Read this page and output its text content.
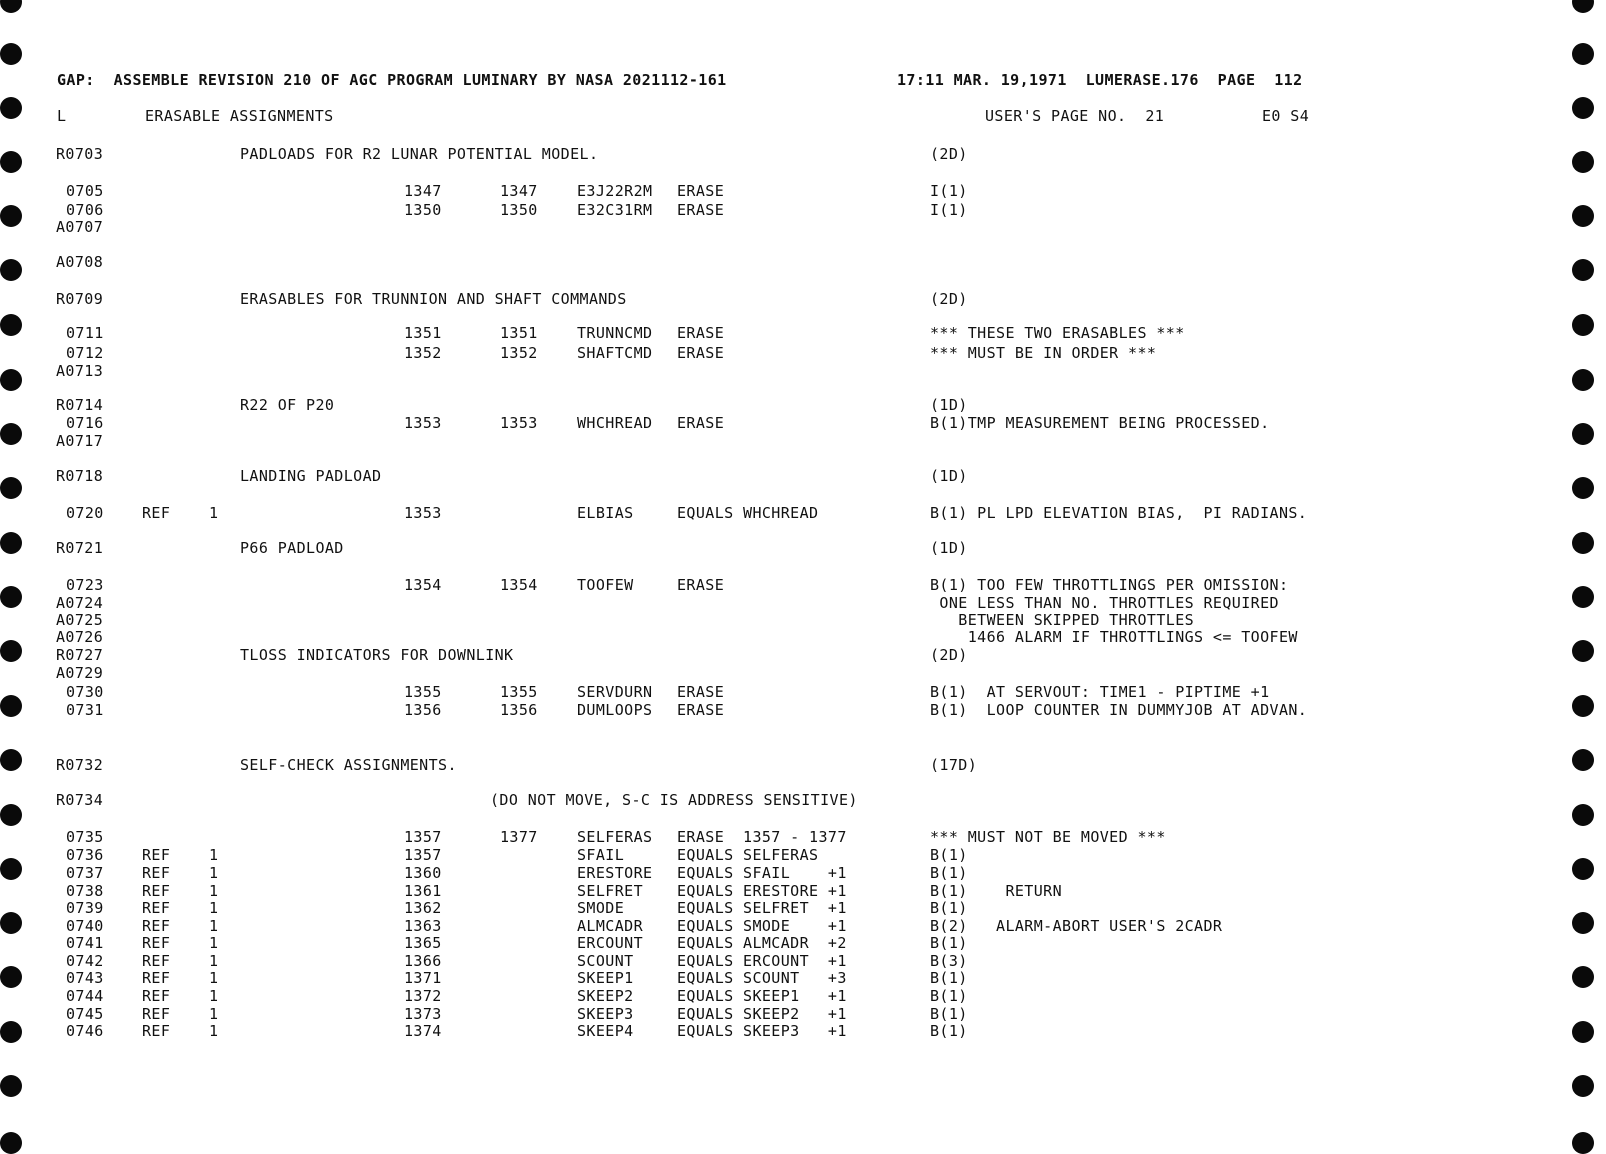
GAP:  ASSEMBLE REVISION 210 OF AGC PROGRAM LUMINARY BY NASA 2021112-161

	17:11 MAR. 19,1971  LUMERASE.176  PAGE  112

L

	ERASABLE ASSIGNMENTS

	USER'S PAGE NO.  21

	E0 S4

R0703	PADLOADS FOR R2 LUNAR POTENTIAL MODEL.	(2D)
0705	1347	1347	E3J22R2M ERASE	I(1)
0706	1350	1350	E32C31RM ERASE	I(1)
A0707
A0708
R0709	ERASABLES FOR TRUNNION AND SHAFT COMMANDS	(2D)
0711	1351	1351	TRUNNCMD ERASE	*** THESE TWO ERASABLES ***
0712	1352	1352	SHAFTCMD ERASE	*** MUST BE IN ORDER ***
A0713
R0714	R22 OF P20	(1D)
0716	1353	1353	WHCHREAD ERASE	B(1)TMP MEASUREMENT BEING PROCESSED.
A0717
R0718	LANDING PADLOAD	(1D)
0720	REF	1	1353	ELBIAS	EQUALS WHCHREAD	B(1) PL LPD ELEVATION BIAS,  PI RADIANS.
R0721	P66 PADLOAD	(1D)
0723	1354	1354	TOOFEW	ERASE	B(1) TOO FEW THROTTLINGS PER OMISSION:
A0724	ONE LESS THAN NO. THROTTLES REQUIRED
A0725	BETWEEN SKIPPED THROTTLES
A0726	1466 ALARM IF THROTTLINGS <= TOOFEW
R0727	TLOSS INDICATORS FOR DOWNLINK	(2D)
A0729
0730	1355	1355	SERVDURN ERASE	B(1)  AT SERVOUT: TIME1 - PIPTIME +1
0731	1356	1356	DUMLOOPS ERASE	B(1)  LOOP COUNTER IN DUMMYJOB AT ADVAN.
R0732	SELF-CHECK ASSIGNMENTS.	(17D)
R0734	(DO NOT MOVE, S-C IS ADDRESS SENSITIVE)
0735	1357	1377	SELFERAS ERASE  1357 - 1377	*** MUST NOT BE MOVED ***
0736	REF	1	1357	SFAIL	EQUALS SELFERAS	B(1)
0737	REF	1	1360	ERESTORE EQUALS SFAIL    +1	B(1)
0738	REF	1	1361	SELFRET EQUALS ERESTORE +1	B(1)    RETURN
0739	REF	1	1362	SMODE	EQUALS SELFRET  +1	B(1)
0740	REF	1	1363	ALMCADR EQUALS SMODE    +1	B(2)   ALARM-ABORT USER'S 2CADR
0741	REF	1	1365	ERCOUNT EQUALS ALMCADR  +2	B(1)
0742	REF	1	1366	SCOUNT	EQUALS ERCOUNT  +1	B(3)
0743	REF	1	1371	SKEEP1	EQUALS SCOUNT   +3	B(1)
0744	REF	1	1372	SKEEP2	EQUALS SKEEP1   +1	B(1)
0745	REF	1	1373	SKEEP3	EQUALS SKEEP2   +1	B(1)
0746	REF	1	1374	SKEEP4	EQUALS SKEEP3   +1	B(1)
